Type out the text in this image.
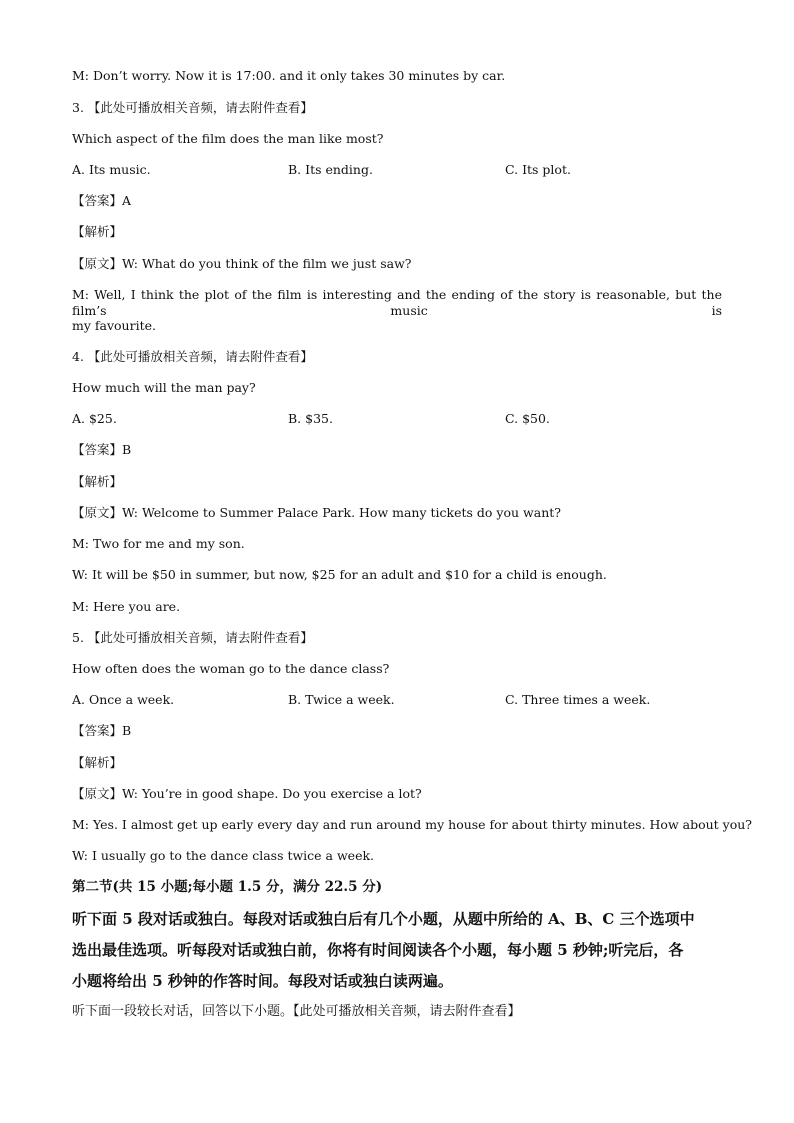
M: Don’t worry. Now it is 17:00. and it only takes 30 minutes by car.
3. 【此处可播放相关音频，请去附件查看】
Which aspect of the film does the man like most?
A. Its music.	B. Its ending.	C. Its plot.
【答案】A
【解析】
【原文】W: What do you think of the film we just saw?
M: Well, I think the plot of the film is interesting and the ending of the story is reasonable, but the film’s music is
my favourite.
4. 【此处可播放相关音频，请去附件查看】
How much will the man pay?
A. $25.	B. $35.	C. $50.
【答案】B
【解析】
【原文】W: Welcome to Summer Palace Park. How many tickets do you want?
M: Two for me and my son.
W: It will be $50 in summer, but now, $25 for an adult and $10 for a child is enough.
M: Here you are.
5. 【此处可播放相关音频，请去附件查看】
How often does the woman go to the dance class?
A. Once a week.	B. Twice a week.	C. Three times a week.
【答案】B
【解析】
【原文】W: You’re in good shape. Do you exercise a lot?
M: Yes. I almost get up early every day and run around my house for about thirty minutes. How about you?
W: I usually go to the dance class twice a week.
第二节(共 15 小题;每小题 1.5 分，满分 22.5 分)
听下面 5 段对话或独白。每段对话或独白后有几个小题，从题中所给的 A、B、C 三个选项中
选出最佳选项。听每段对话或独白前，你将有时间阅读各个小题，每小题 5 秒钟;听完后，各
小题将给出 5 秒钟的作答时间。每段对话或独白读两遍。
听下面一段较长对话，回答以下小题。【此处可播放相关音频，请去附件查看】
